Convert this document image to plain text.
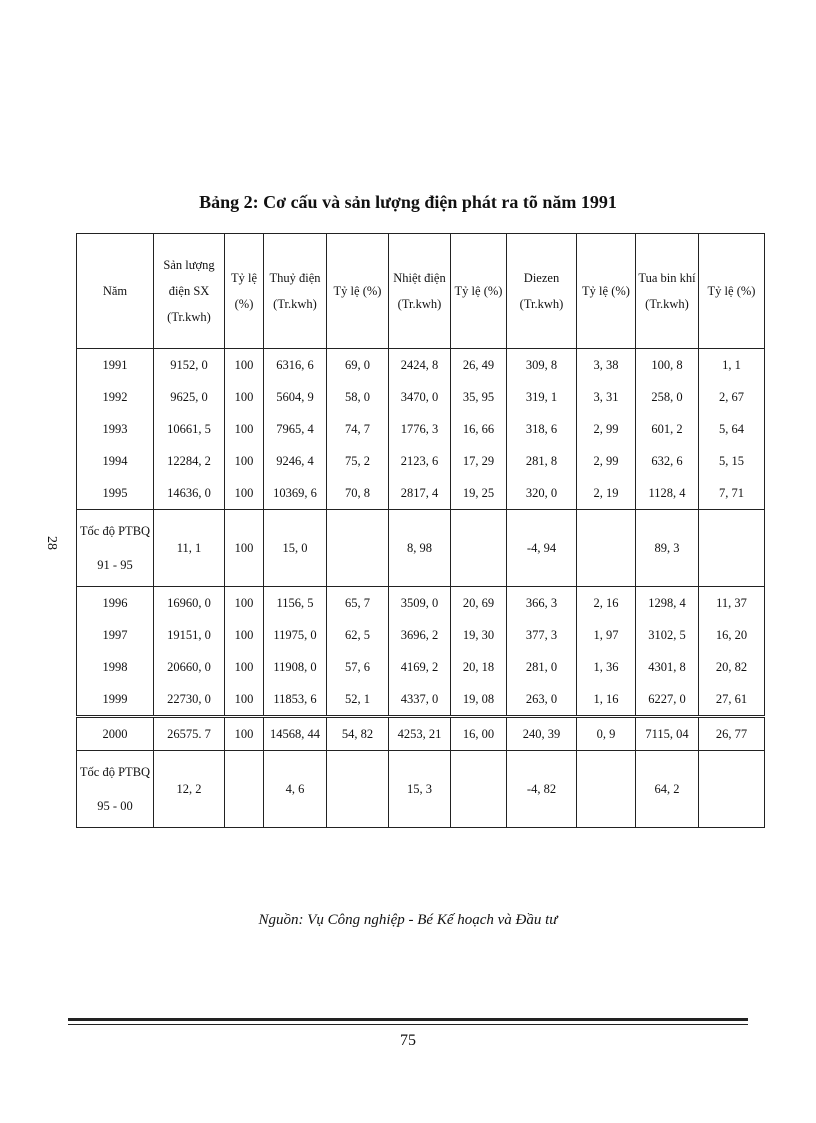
Bảng 2: Cơ cấu và sản lượng điện phát ra tõ năm 1991
28
Năm	Sản lượng điện SX (Tr.kwh)	Tỷ lệ (%)	Thuỷ điện (Tr.kwh)	Tỷ lệ (%)	Nhiệt điện (Tr.kwh)	Tỷ lệ (%)	Diezen (Tr.kwh)	Tỷ lệ (%)	Tua bin khí (Tr.kwh)	Tỷ lệ (%)
1991	9152, 0	100	6316, 6	69, 0	2424, 8	26, 49	309, 8	3, 38	100, 8	1, 1
1992	9625, 0	100	5604, 9	58, 0	3470, 0	35, 95	319, 1	3, 31	258, 0	2, 67
1993	10661, 5	100	7965, 4	74, 7	1776, 3	16, 66	318, 6	2, 99	601, 2	5, 64
1994	12284, 2	100	9246, 4	75, 2	2123, 6	17, 29	281, 8	2, 99	632, 6	5, 15
1995	14636, 0	100	10369, 6	70, 8	2817, 4	19, 25	320, 0	2, 19	1128, 4	7, 71
Tốc độ PTBQ 91 - 95	11, 1	100	15, 0		8, 98		-4, 94		89, 3	
1996	16960, 0	100	1156, 5	65, 7	3509, 0	20, 69	366, 3	2, 16	1298, 4	11, 37
1997	19151, 0	100	11975, 0	62, 5	3696, 2	19, 30	377, 3	1, 97	3102, 5	16, 20
1998	20660, 0	100	11908, 0	57, 6	4169, 2	20, 18	281, 0	1, 36	4301, 8	20, 82
1999	22730, 0	100	11853, 6	52, 1	4337, 0	19, 08	263, 0	1, 16	6227, 0	27, 61
2000	26575. 7	100	14568, 44	54, 82	4253, 21	16, 00	240, 39	0, 9	7115, 04	26, 77
Tốc độ PTBQ 95 - 00	12, 2		4, 6		15, 3		-4, 82		64, 2	
Nguồn: Vụ Công nghiệp - Bé Kế hoạch và Đầu tư
75
